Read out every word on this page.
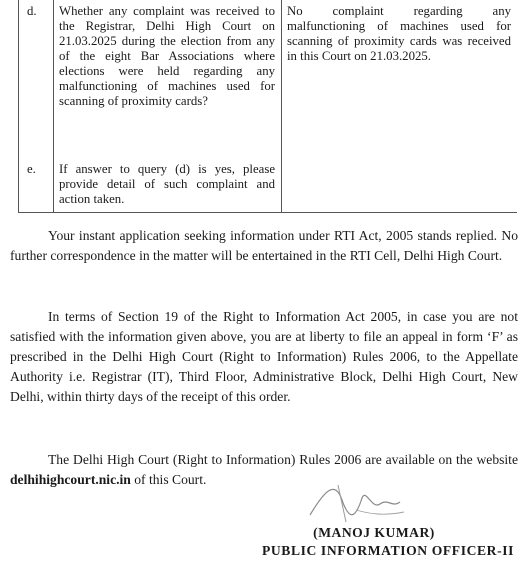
d.	Whether any complaint was received to the Registrar, Delhi High Court on 21.03.2025 during the election from any of the eight Bar Associations where elections were held regarding any malfunctioning of machines used for scanning of proximity cards?
No complaint regarding any malfunctioning of machines used for scanning of proximity cards was received in this Court on 21.03.2025.
e.	If answer to query (d) is yes, please provide detail of such complaint and action taken.

Your instant application seeking information under RTI Act, 2005 stands replied. No further correspondence in the matter will be entertained in the RTI Cell, Delhi High Court.

In terms of Section 19 of the Right to Information Act 2005, in case you are not satisfied with the information given above, you are at liberty to file an appeal in form ‘F’ as prescribed in the Delhi High Court (Right to Information) Rules 2006, to the Appellate Authority i.e. Registrar (IT), Third Floor, Administrative Block, Delhi High Court, New Delhi, within thirty days of the receipt of this order.

The Delhi High Court (Right to Information) Rules 2006 are available on the website delhihighcourt.nic.in of this Court.

(MANOJ KUMAR)
PUBLIC INFORMATION OFFICER-II
